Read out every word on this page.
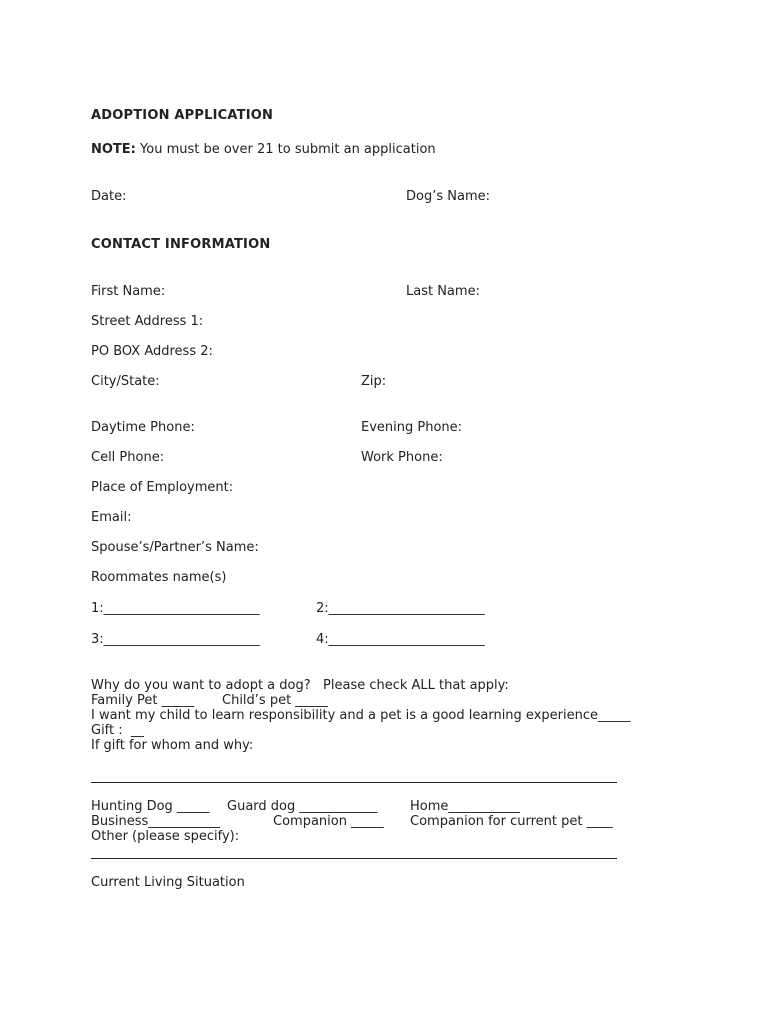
ADOPTION APPLICATION
NOTE: You must be over 21 to submit an application
Date:	Dog’s Name:
CONTACT INFORMATION
First Name:	Last Name:
Street Address 1:
PO BOX Address 2:
City/State:	Zip:
Daytime Phone:	Evening Phone:
Cell Phone:	Work Phone:
Place of Employment:
Email:
Spouse’s/Partner’s Name:
Roommates name(s)
1:________________________	2:________________________
3:________________________	4:________________________
Why do you want to adopt a dog?   Please check ALL that apply:
Family Pet _____ Child’s pet _____
I want my child to learn responsibility and a pet is a good learning experience_____
Gift :  __
If gift for whom and why:
Hunting Dog _____ Guard dog ____________	Home___________
Business___________	Companion _____ Companion for current pet ____
Other (please specify):
Current Living Situation
